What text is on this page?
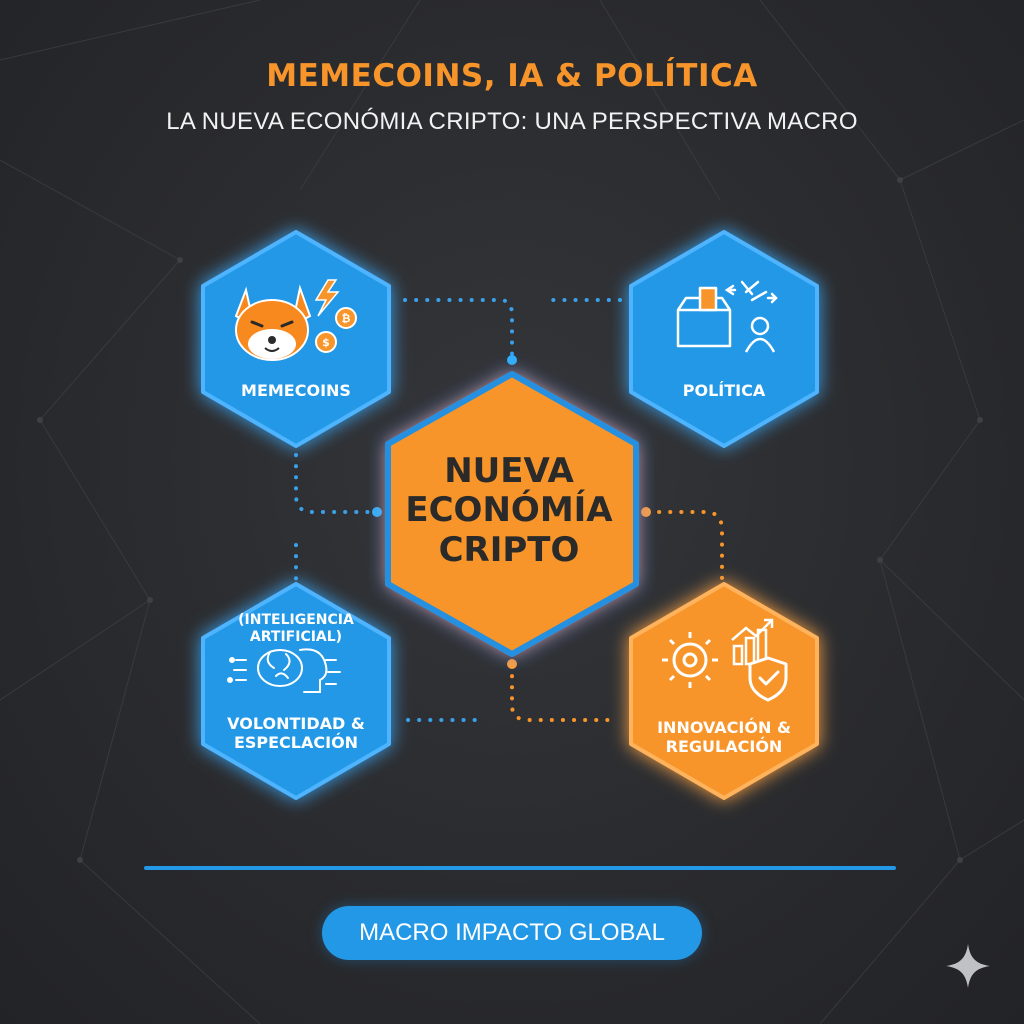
₿
$
MEMECOINS, IA & POLÍTICA
LA NUEVA ECONÓMIA CRIPTO: UNA PERSPECTIVA MACRO
NUEVA
ECONÓMÍA
CRIPTO
MEMECOINS	POLÍTICA
(INTELIGENCIA ARTIFICIAL)
VOLONTIDAD & ESPECLACIÓN
INNOVACIÓN & REGULACIÓN
MACRO IMPACTO GLOBAL
